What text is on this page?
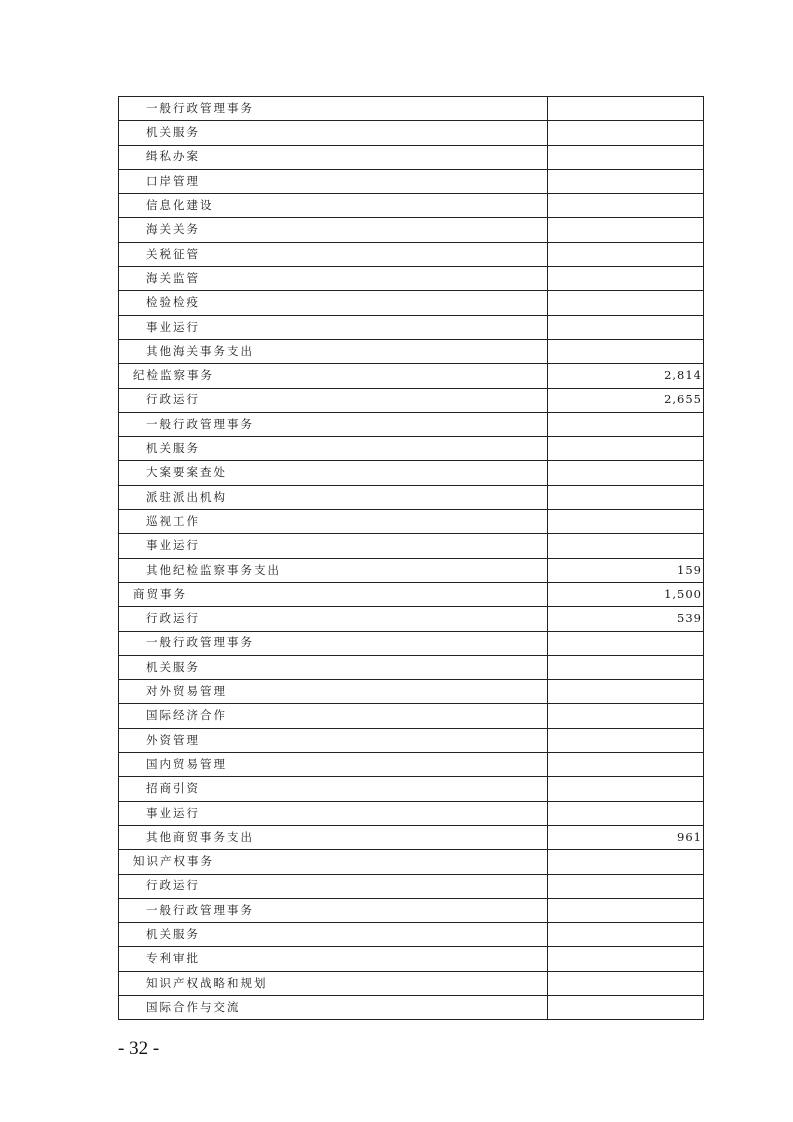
一般行政管理事务	
机关服务	
缉私办案	
口岸管理	
信息化建设	
海关关务	
关税征管	
海关监管	
检验检疫	
事业运行	
其他海关事务支出	
纪检监察事务	2,814
行政运行	2,655
一般行政管理事务	
机关服务	
大案要案查处	
派驻派出机构	
巡视工作	
事业运行	
其他纪检监察事务支出	159
商贸事务	1,500
行政运行	539
一般行政管理事务	
机关服务	
对外贸易管理	
国际经济合作	
外资管理	
国内贸易管理	
招商引资	
事业运行	
其他商贸事务支出	961
知识产权事务	
行政运行	
一般行政管理事务	
机关服务	
专利审批	
知识产权战略和规划	
国际合作与交流	
- 32 -
